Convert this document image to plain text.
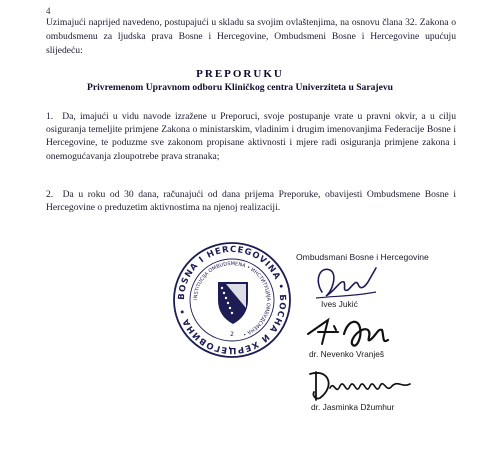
4
Uzimajući naprijed navedeno, postupajući u skladu sa svojim ovlaštenjima, na osnovu člana 32. Zakona o ombudsmenu za ljudska prava Bosne i Hercegovine, Ombudsmeni Bosne i Hercegovine upućuju slijedeću:
PREPORUKU
Privremenom Upravnom odboru Kliničkog centra Univerziteta u Sarajevu
1. Da, imajući u vidu navode izražene u Preporuci, svoje postupanje vrate u pravni okvir, a u cilju osiguranja temeljite primjene Zakona o ministarskim, vladinim i drugim imenovanjima Federacije Bosne i Hercegovine, te poduzme sve zakonom propisane aktivnosti i mjere radi osiguranja primjene zakona i onemogućavanja zloupotrebe prava stranaka;
2. Da u roku od 30 dana, računajući od dana prijema Preporuke, obavijesti Ombudsmene Bosne i Hercegovine o preduzetim aktivnostima na njenoj realizaciji.
Ombudsmani Bosne i Hercegovine
BOSNA I HERCEGOVINA • БОСНА И ХЕРЦЕГОВИНА •
INSTITUCIJA OMBUDSMENA • ИНСТИТУЦИЈА ОМБУДСМЕНА •
2
Ives Jukić
dr. Nevenko Vranješ
dr. Jasminka Džumhur
